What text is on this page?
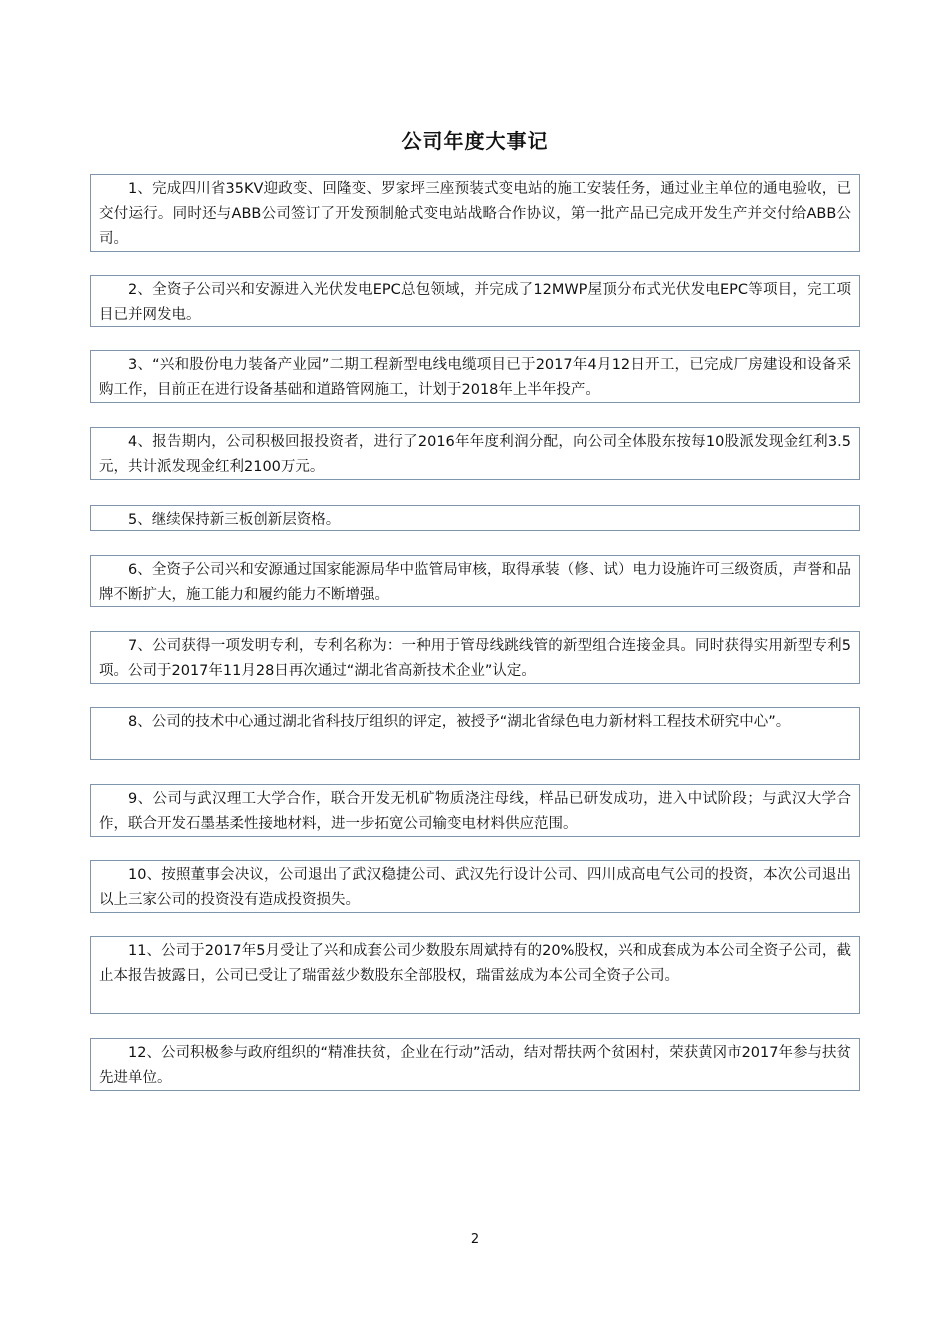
公司年度大事记
1、完成四川省35KV迎政变、回隆变、罗家坪三座预装式变电站的施工安装任务，通过业主单位的通电验收，已交付运行。同时还与ABB公司签订了开发预制舱式变电站战略合作协议，第一批产品已完成开发生产并交付给ABB公司。
2、全资子公司兴和安源进入光伏发电EPC总包领域，并完成了12MWP屋顶分布式光伏发电EPC等项目，完工项目已并网发电。
3、“兴和股份电力装备产业园”二期工程新型电线电缆项目已于2017年4月12日开工，已完成厂房建设和设备采购工作，目前正在进行设备基础和道路管网施工，计划于2018年上半年投产。
4、报告期内，公司积极回报投资者，进行了2016年年度利润分配，向公司全体股东按每10股派发现金红利3.5元，共计派发现金红利2100万元。
5、继续保持新三板创新层资格。
6、全资子公司兴和安源通过国家能源局华中监管局审核，取得承装（修、试）电力设施许可三级资质，声誉和品牌不断扩大，施工能力和履约能力不断增强。
7、公司获得一项发明专利，专利名称为：一种用于管母线跳线管的新型组合连接金具。同时获得实用新型专利5项。公司于2017年11月28日再次通过“湖北省高新技术企业”认定。
8、公司的技术中心通过湖北省科技厅组织的评定，被授予“湖北省绿色电力新材料工程技术研究中心”。
9、公司与武汉理工大学合作，联合开发无机矿物质浇注母线，样品已研发成功，进入中试阶段；与武汉大学合作，联合开发石墨基柔性接地材料，进一步拓宽公司输变电材料供应范围。
10、按照董事会决议，公司退出了武汉稳捷公司、武汉先行设计公司、四川成高电气公司的投资，本次公司退出以上三家公司的投资没有造成投资损失。
11、公司于2017年5月受让了兴和成套公司少数股东周斌持有的20%股权，兴和成套成为本公司全资子公司，截止本报告披露日，公司已受让了瑞雷兹少数股东全部股权，瑞雷兹成为本公司全资子公司。
12、公司积极参与政府组织的“精准扶贫，企业在行动”活动，结对帮扶两个贫困村，荣获黄冈市2017年参与扶贫先进单位。
2
